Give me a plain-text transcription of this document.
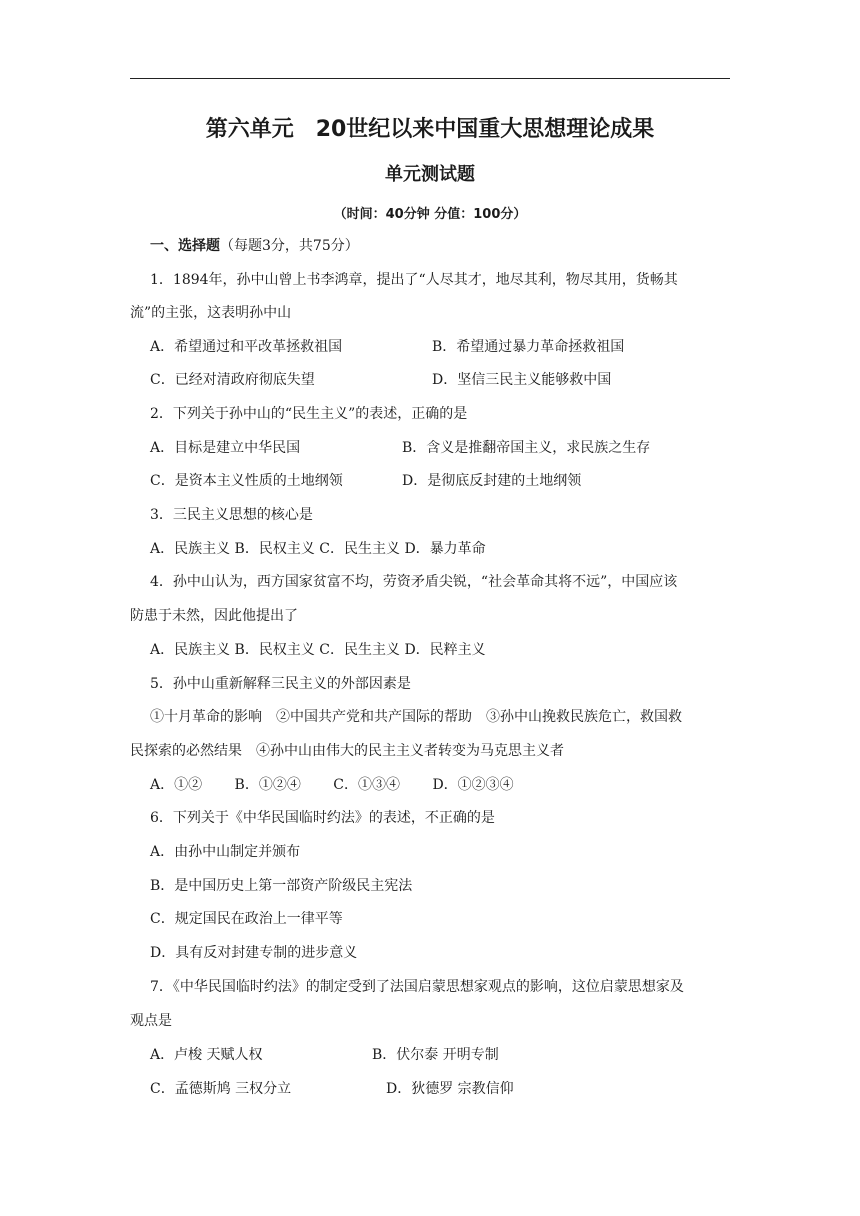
第六单元　20世纪以来中国重大思想理论成果
单元测试题
（时间：40分钟 分值：100分）
一、选择题（每题3分，共75分）
1．1894年，孙中山曾上书李鸿章，提出了“人尽其才，地尽其利，物尽其用，货畅其
流”的主张，这表明孙中山
A．希望通过和平改革拯救祖国	B．希望通过暴力革命拯救祖国
C．已经对清政府彻底失望	D．坚信三民主义能够救中国
2．下列关于孙中山的“民生主义”的表述，正确的是
A．目标是建立中华民国	B．含义是推翻帝国主义，求民族之生存
C．是资本主义性质的土地纲领	D．是彻底反封建的土地纲领
3．三民主义思想的核心是
A．民族主义 B．民权主义 C．民生主义 D．暴力革命
4．孙中山认为，西方国家贫富不均，劳资矛盾尖锐，“社会革命其将不远”，中国应该
防患于未然，因此他提出了
A．民族主义 B．民权主义 C．民生主义 D．民粹主义
5．孙中山重新解释三民主义的外部因素是
①十月革命的影响　②中国共产党和共产国际的帮助　③孙中山挽救民族危亡，救国救
民探索的必然结果　④孙中山由伟大的民主主义者转变为马克思主义者
A．①②　　 B．①②④　　 C．①③④　　 D．①②③④
6．下列关于《中华民国临时约法》的表述，不正确的是
A．由孙中山制定并颁布
B．是中国历史上第一部资产阶级民主宪法
C．规定国民在政治上一律平等
D．具有反对封建专制的进步意义
7．《中华民国临时约法》的制定受到了法国启蒙思想家观点的影响，这位启蒙思想家及
观点是
A．卢梭 天赋人权	B．伏尔泰 开明专制
C．孟德斯鸠 三权分立	D．狄德罗 宗教信仰
